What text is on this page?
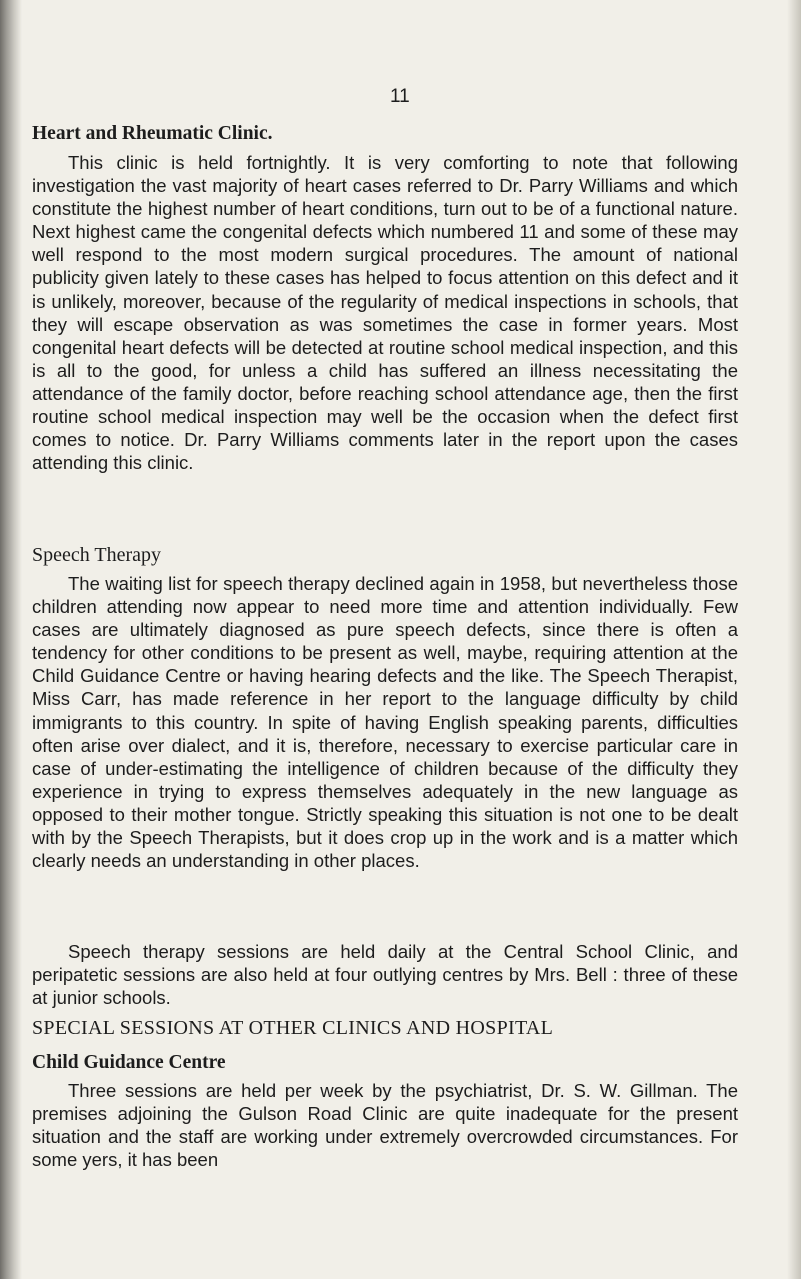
11
Heart and Rheumatic Clinic.

This clinic is held fortnightly. It is very comforting to note that following investigation the vast majority of heart cases referred to Dr. Parry Williams and which constitute the highest number of heart conditions, turn out to be of a functional nature. Next highest came the congenital defects which numbered 11 and some of these may well respond to the most modern surgical procedures. The amount of national publicity given lately to these cases has helped to focus attention on this defect and it is unlikely, moreover, because of the regularity of medical inspections in schools, that they will escape observation as was sometimes the case in former years. Most congenital heart defects will be detected at routine school medical inspection, and this is all to the good, for unless a child has suffered an illness necessitating the attendance of the family doctor, before reaching school attendance age, then the first routine school medical inspection may well be the occasion when the defect first comes to notice. Dr. Parry Williams comments later in the report upon the cases attending this clinic.

Speech Therapy

The waiting list for speech therapy declined again in 1958, but nevertheless those children attending now appear to need more time and attention individually. Few cases are ultimately diagnosed as pure speech defects, since there is often a tendency for other conditions to be present as well, maybe, requiring attention at the Child Guidance Centre or having hearing defects and the like. The Speech Therapist, Miss Carr, has made reference in her report to the language difficulty by child immigrants to this country. In spite of having English speaking parents, difficulties often arise over dialect, and it is, therefore, necessary to exercise particular care in case of under-estimating the intelligence of children because of the difficulty they experience in trying to express themselves adequately in the new language as opposed to their mother tongue. Strictly speaking this situation is not one to be dealt with by the Speech Therapists, but it does crop up in the work and is a matter which clearly needs an understanding in other places.

Speech therapy sessions are held daily at the Central School Clinic, and peripatetic sessions are also held at four outlying centres by Mrs. Bell : three of these at junior schools.

SPECIAL SESSIONS AT OTHER CLINICS AND HOSPITAL
Child Guidance Centre

Three sessions are held per week by the psychiatrist, Dr. S. W. Gillman. The premises adjoining the Gulson Road Clinic are quite inadequate for the present situation and the staff are working under extremely overcrowded circumstances. For some yers, it has been
